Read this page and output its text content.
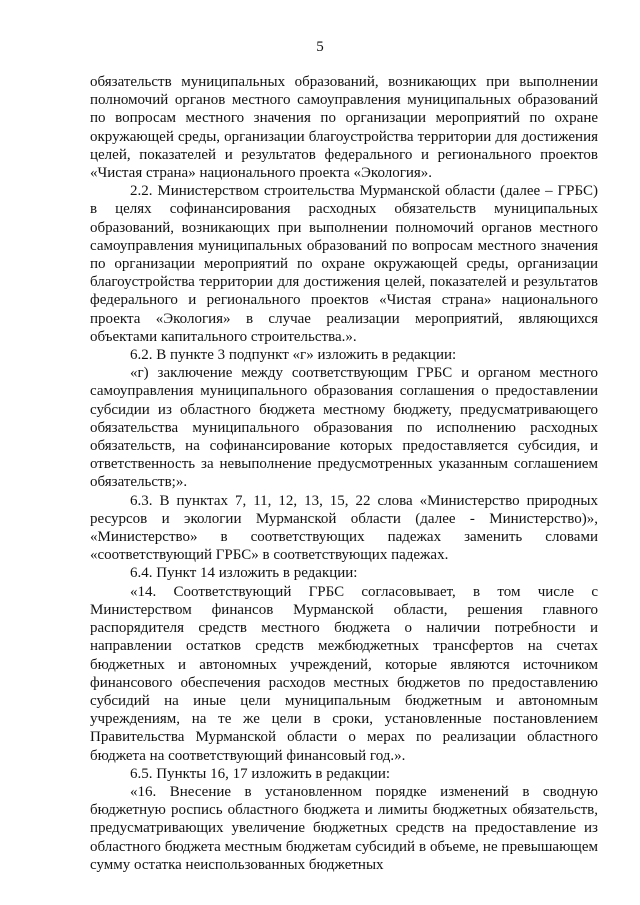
5

обязательств муниципальных образований, возникающих при выполнении полномочий органов местного самоуправления муниципальных образований по вопросам местного значения по организации мероприятий по охране окружающей среды, организации благоустройства территории для достижения целей, показателей и результатов федерального и регионального проектов «Чистая страна» национального проекта «Экология».

2.2. Министерством строительства Мурманской области (далее – ГРБС) в целях софинансирования расходных обязательств муниципальных образований, возникающих при выполнении полномочий органов местного самоуправления муниципальных образований по вопросам местного значения по организации мероприятий по охране окружающей среды, организации благоустройства территории для достижения целей, показателей и результатов федерального и регионального проектов «Чистая страна» национального проекта «Экология» в случае реализации мероприятий, являющихся объектами капитального строительства.».

6.2. В пункте 3 подпункт «г» изложить в редакции:

«г) заключение между соответствующим ГРБС и органом местного самоуправления муниципального образования соглашения о предоставлении субсидии из областного бюджета местному бюджету, предусматривающего обязательства муниципального образования по исполнению расходных обязательств, на софинансирование которых предоставляется субсидия, и ответственность за невыполнение предусмотренных указанным соглашением обязательств;».

6.3. В пунктах 7, 11, 12, 13, 15, 22 слова «Министерство природных ресурсов и экологии Мурманской области (далее - Министерство)», «Министерство» в соответствующих падежах заменить словами «соответствующий ГРБС» в соответствующих падежах.

6.4. Пункт 14 изложить в редакции:

«14. Соответствующий ГРБС согласовывает, в том числе с Министерством финансов Мурманской области, решения главного распорядителя средств местного бюджета о наличии потребности и направлении остатков средств межбюджетных трансфертов на счетах бюджетных и автономных учреждений, которые являются источником финансового обеспечения расходов местных бюджетов по предоставлению субсидий на иные цели муниципальным бюджетным и автономным учреждениям, на те же цели в сроки, установленные постановлением Правительства Мурманской области о мерах по реализации областного бюджета на соответствующий финансовый год.».

6.5. Пункты 16, 17 изложить в редакции:

«16. Внесение в установленном порядке изменений в сводную бюджетную роспись областного бюджета и лимиты бюджетных обязательств, предусматривающих увеличение бюджетных средств на предоставление из областного бюджета местным бюджетам субсидий в объеме, не превышающем сумму остатка неиспользованных бюджетных
